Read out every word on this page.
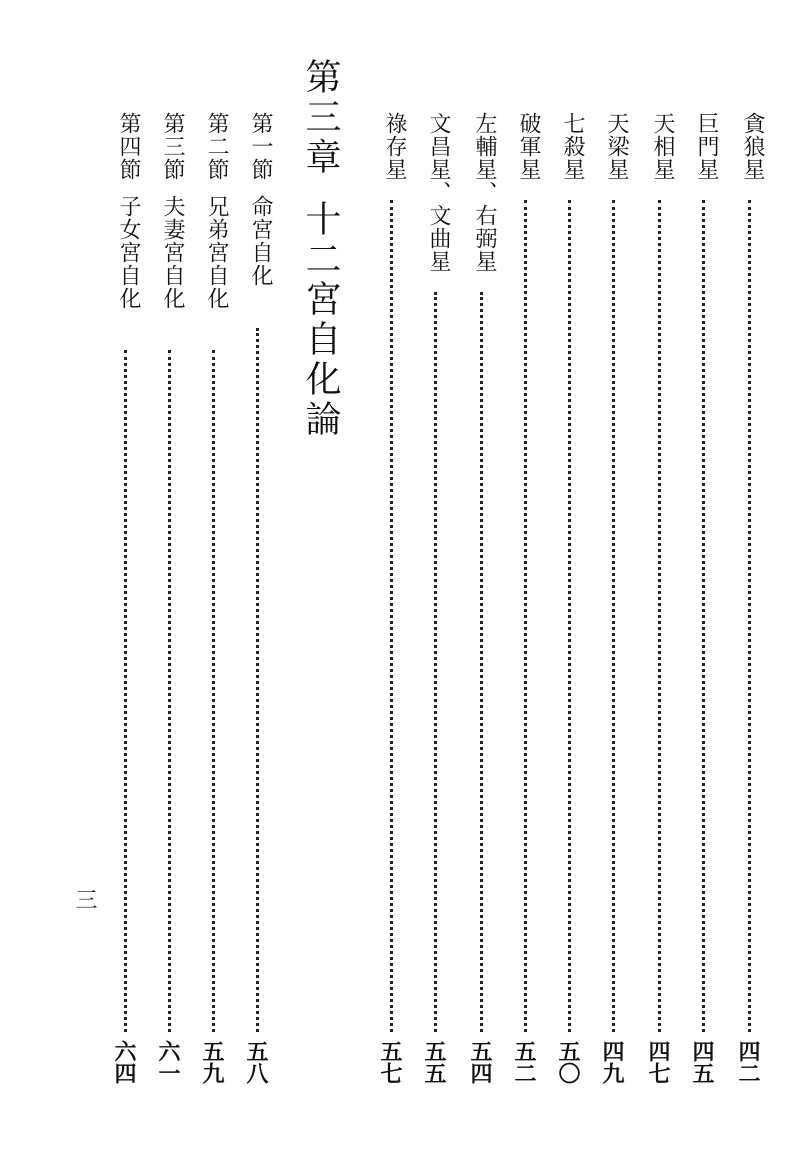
貪狼星
四二
巨門星
四五
天相星
四七
天梁星
四九
七殺星
五〇
破軍星
五二
左輔星、右弼星
五四
文昌星、文曲星
五五
祿存星
五七
第三章十二宮自化論
第一節命宮自化
五八
第二節兄弟宮自化
五九
第三節夫妻宮自化
六一
第四節子女宮自化
六四
三
